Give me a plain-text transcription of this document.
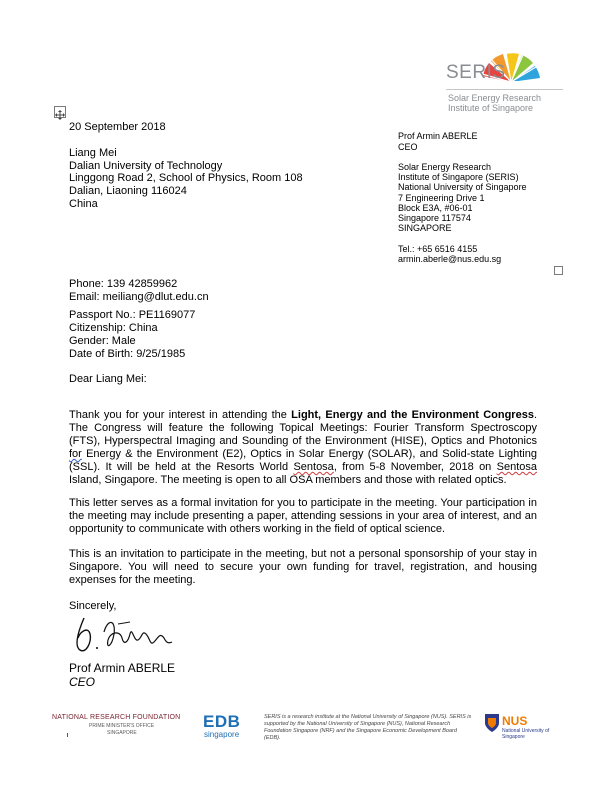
SERIS
Solar Energy Research
Institute of Singapore
20 September 2018
Liang Mei
Dalian University of Technology
Linggong Road 2, School of Physics, Room 108
Dalian, Liaoning 116024
China
Phone: 139 42859962
Email: meiliang@dlut.edu.cn
Passport No.: PE1169077
Citizenship: China
Gender: Male
Date of Birth: 9/25/1985
Prof Armin ABERLE
CEO
Solar Energy Research
Institute of Singapore (SERIS)
National University of Singapore
7 Engineering Drive 1
Block E3A, #06-01
Singapore 117574
SINGAPORE
Tel.: +65 6516 4155
armin.aberle@nus.edu.sg
Dear Liang Mei:

Thank you for your interest in attending the Light, Energy and the Environment Congress. The Congress will feature the following Topical Meetings: Fourier Transform Spectroscopy (FTS), Hyperspectral Imaging and Sounding of the Environment (HISE), Optics and Photonics for Energy & the Environment (E2), Optics in Solar Energy (SOLAR), and Solid-state Lighting (SSL). It will be held at the Resorts World Sentosa, from 5-8 November, 2018 on Sentosa Island, Singapore. The meeting is open to all OSA members and those with related optics.

This letter serves as a formal invitation for you to participate in the meeting. Your participation in the meeting may include presenting a paper, attending sessions in your area of interest, and an opportunity to communicate with others working in the field of optical science.

This is an invitation to participate in the meeting, but not a personal sponsorship of your stay in Singapore. You will need to secure your own funding for travel, registration, and housing expenses for the meeting.

Sincerely,
Prof Armin ABERLE
CEO
NATIONAL RESEARCH FOUNDATION
PRIME MINISTER'S OFFICE
SINGAPORE
EDB
singapore
SERIS is a research institute at the National University of Singapore (NUS). SERIS is supported by the National University of Singapore (NUS), National Research Foundation Singapore (NRF) and the Singapore Economic Development Board (EDB).
NUS
National University of Singapore
